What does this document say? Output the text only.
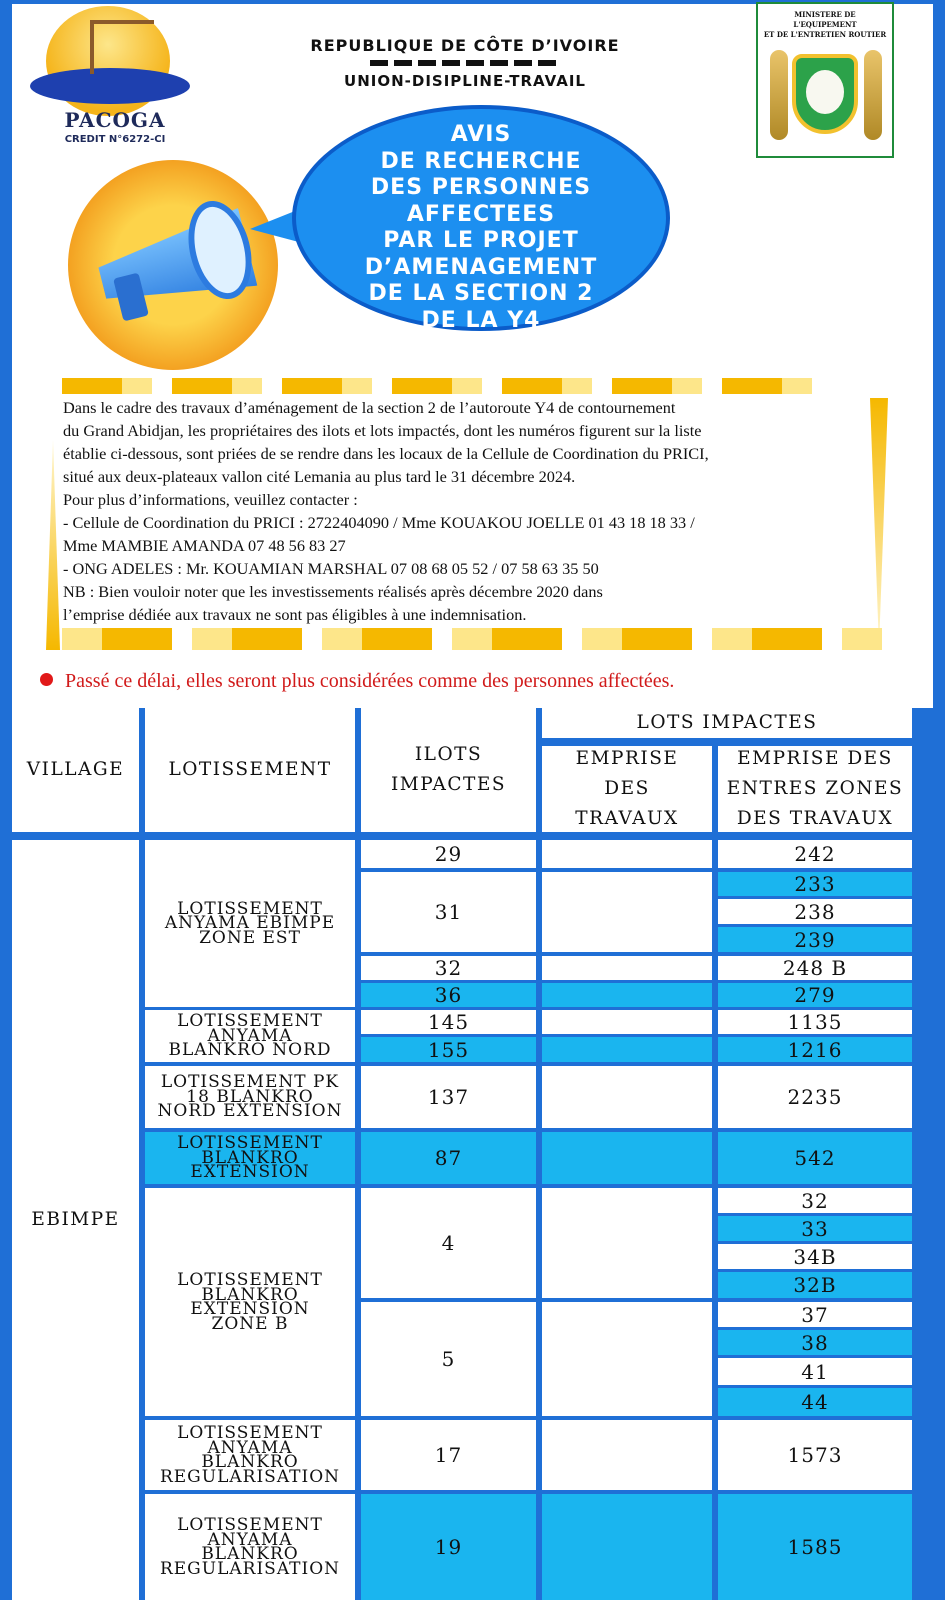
PACOGA
CREDIT N°6272-CI
REPUBLIQUE DE CÔTE D’IVOIRE
UNION-DISIPLINE-TRAVAIL
MINISTERE DE L'EQUIPEMENT
ET DE L'ENTRETIEN ROUTIER
AVIS
DE RECHERCHE
DES PERSONNES
AFFECTEES
PAR LE PROJET
D’AMENAGEMENT
DE LA SECTION 2
DE LA Y4

Dans le cadre des travaux d’aménagement de la section 2 de l’autoroute Y4 de contournement

du Grand Abidjan, les propriétaires des ilots et lots impactés, dont les numéros figurent sur la liste

établie ci-dessous, sont priées de se rendre dans les locaux de la Cellule de Coordination du PRICI,

situé aux deux-plateaux vallon cité Lemania au plus tard le 31 décembre 2024.

Pour plus d’informations, veuillez contacter :

- Cellule de Coordination du PRICI : 2722404090 / Mme KOUAKOU JOELLE 01 43 18 18 33 /

Mme MAMBIE AMANDA 07 48 56 83 27

- ONG ADELES : Mr. KOUAMIAN MARSHAL 07 08 68 05 52 / 07 58 63 35 50

NB : Bien vouloir noter que les investissements réalisés après décembre 2020 dans

l’emprise dédiée aux travaux ne sont pas éligibles à une indemnisation.

Passé ce délai, elles seront plus considérées comme des personnes affectées.
VILLAGE	LOTISSEMENT
ILOTS
IMPACTES
LOTS IMPACTES
EMPRISE
DES
TRAVAUX
EMPRISE DES
ENTRES ZONES
DES TRAVAUX
EBIMPE
LOTISSEMENT
ANYAMA EBIMPE
ZONE EST
LOTISSEMENT
ANYAMA
BLANKRO NORD
LOTISSEMENT PK
18 BLANKRO
NORD EXTENSION
LOTISSEMENT
BLANKRO
EXTENSION
LOTISSEMENT
BLANKRO
EXTENSION
ZONE B
LOTISSEMENT
ANYAMA
BLANKRO
REGULARISATION
LOTISSEMENT
ANYAMA
BLANKRO
REGULARISATION
29
31
32
36
145
155
137
87
4
5
17
19
242
233
238
239
248 B
279
1135
1216
2235
542
32
33
34B
32B
37
38
41
44
1573
1585
